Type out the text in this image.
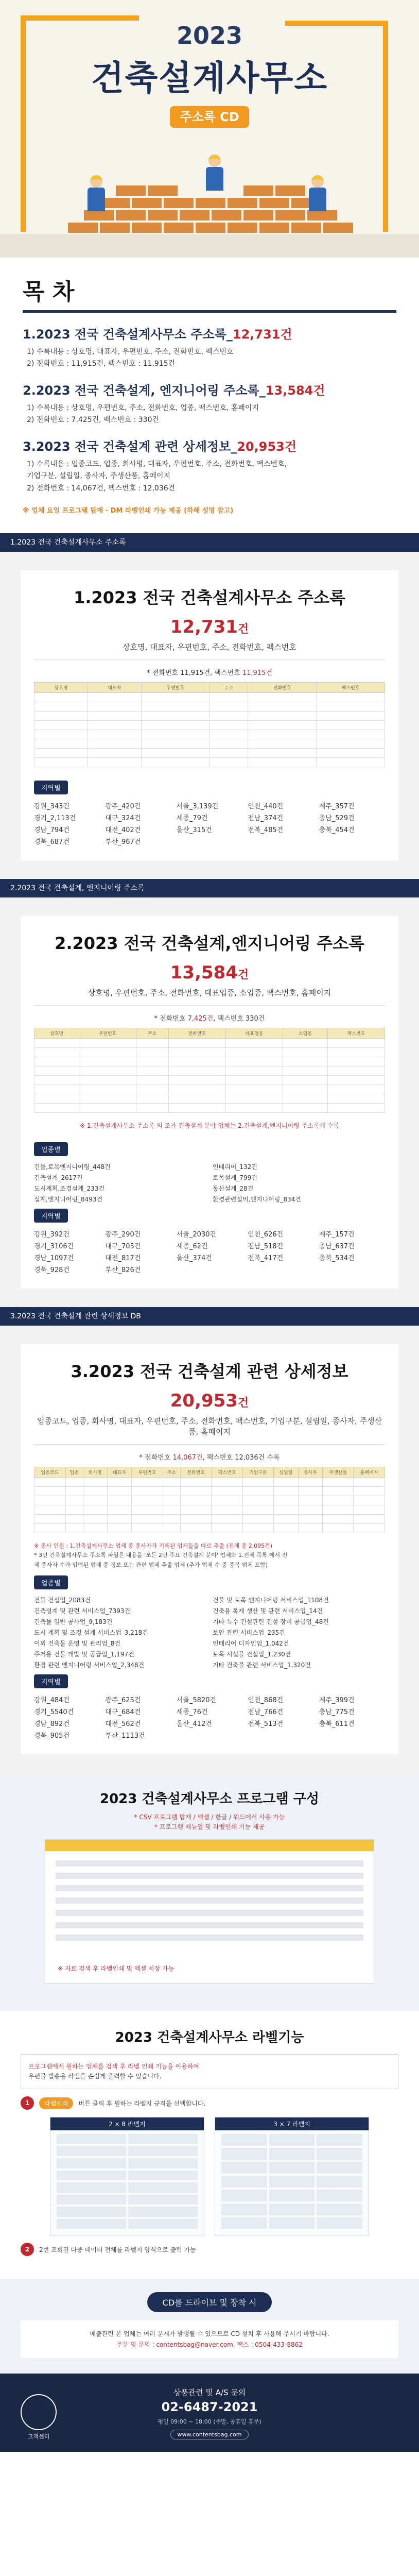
2023
건축설계사무소
주소록 CD
목 차
1.2023 전국 건축설계사무소 주소록_12,731건

1) 수록내용 : 상호명, 대표자, 우편번호, 주소, 전화번호, 팩스번호

2) 전화번호 : 11,915건, 팩스번호 : 11,915건

2.2023 전국 건축설계, 엔지니어링 주소록_13,584건

1) 수록내용 : 상호명, 우편번호, 주소, 전화번호, 업종, 팩스번호, 홈페이지

2) 전화번호 : 7,425건, 팩스번호 : 330건

3.2023 전국 건축설계 관련 상세정보_20,953건

1) 수록내용 : 업종코드, 업종, 회사명, 대표자, 우편번호, 주소, 전화번호, 팩스번호,

기업구분, 설립일, 종사자, 주생산품, 홈페이지

2) 전화번호 : 14,067건, 팩스번호 : 12,036건

※ 업체 요일 프로그램 탑재 - DM 라벨인쇄 가능 제공 (하해 설명 참고)
1.2023 전국 건축설계사무소 주소록
1.2023 전국 건축설계사무소 주소록
12,731건
상호명, 대표자, 우편번호, 주소, 전화번호, 팩스번호
* 전화번호 11,915건, 팩스번호 11,915건
상호명	대표자	우편번호	주소	전화번호	팩스번호

지역별
강원_343건	광주_420건	서울_3,139건	인천_440건	제주_357건
경기_2,113건	대구_324건	세종_79건	전남_374건	충남_529건
경남_794건	대전_402건	울산_315건	전북_485건	충북_454건
경북_687건	부산_967건
2.2023 전국 건축설계, 엔지니어링 주소록
2.2023 전국 건축설계,엔지니어링 주소록
13,584건
상호명, 우편번호, 주소, 전화번호, 대표업종, 소업종, 팩스번호, 홈페이지
* 전화번호 7,425건, 팩스번호 330건
상호명	우편번호	주소	전화번호	대표업종	소업종	팩스번호

※ 1.건축설계사무소 주소록 의 조가 건축설계 분야 업체는 2.건축설계,엔지니어링 주소록에 수록
업종별
건물,토목엔지니어링_448건	인테리어_132건
건축설계_2617건	토목설계_799건
도시계획,조경설계_233건	동산설계_28건
설계,엔지니어링_8493건	환경관련설비,엔지니어링_834건
지역별
강원_392건	광주_290건	서울_2030건	인천_626건	제주_157건
경기_3106건	대구_705건	세종_62건	전남_518건	충남_637건
경남_1097건	대전_817건	울산_374건	전북_417건	충북_534건
경북_928건	부산_826건
3.2023 전국 건축설계 관련 상세정보 DB
3.2023 전국 건축설계 관련 상세정보
20,953건
업종코드, 업종, 회사명, 대표자, 우편번호, 주소, 전화번호, 팩스번호, 기업구분, 설립일, 종사자, 주생산품, 홈페이지
* 전화번호 14,067건, 팩스번호 12,036건 수록
업종코드	업종	회사명	대표자	우편번호	주소	전화번호	팩스번호	기업구분	설립일	종사자	주생산품	홈페이지

※ 종사 인원 : 1.건축설계사무소 업체 중 종사자가 기록된 업체들을 따로 추출 (전체 중 2,095건)
* 3번 건축설계사무소 주소록 파일은 내용을 '모든 2번 주요 건축설계 분야' 업체와 1.전체 목록 에서 전
체 종사자 수가 입력된 업체 중 정보 또는 관련 업체 추출 업체 (추가 업체 수 중 중복 업체 포함)
업종별
건물 건설업_2083건	건물 및 토목 엔지니어링 서비스업_1108건
건축설계 및 관련 서비스업_7393건	건축용 목재 생산 및 관련 서비스업_14건
건축물 일반 공사업_9,183건	기타 특수 건설관련 건설 장비 공급업_48건
도시 계획 및 조경 설계 서비스업_3,218건	보안 관련 서비스업_235건
이외 건축물 운영 및 관리업_8건	인테리어 디자인업_1,042건
주거용 건물 개발 및 공급업_1,197건	토목 시설물 건설업_1,230건
환경 관련 엔지니어링 서비스업_2,348건	기타 건축물 관련 서비스업_1,320건
지역별
강원_484건	광주_625건	서울_5820건	인천_868건	제주_399건
경기_5540건	대구_684건	세종_76건	전남_766건	충남_775건
경남_892건	대전_562건	울산_412건	전북_513건	충북_611건
경북_905건	부산_1113건
2023 건축설계사무소 프로그램 구성
* CSV 프로그램 탑재 / 엑셀 / 한글 / 워드에서 사용 가능
* 프로그램 매뉴얼 및 라벨인쇄 기능 제공
※ 자료 검색 후 라벨인쇄 및 엑셀 저장 가능
2023 건축설계사무소 라벨기능
프로그램에서 원하는 업체를 검색 후 라벨 인쇄 기능을 이용하여
우편물 발송용 라벨을 손쉽게 출력할 수 있습니다.
1	라벨인쇄	버튼 클릭 후 원하는 라벨지 규격을 선택합니다.
2 × 8 라벨지	3 × 7 라벨지
2	2번 조회된 다중 데이터 전체를 라벨지 양식으로 출력 가능
CD를 드라이브 및 장착 시
매출관련 본 업체는 여러 문제가 발생될 수 있으므로 CD 설치 후 사용해 주시기 바랍니다.
주문 및 문의 : contentsbag@naver.com, 팩스 : 0504-433-8862
고객센터
상품관련 및 A/S 문의
02-6487-2021
평일 09:00 ~ 18:00 (주말, 공휴일 휴무)
www.contentsbag.com
